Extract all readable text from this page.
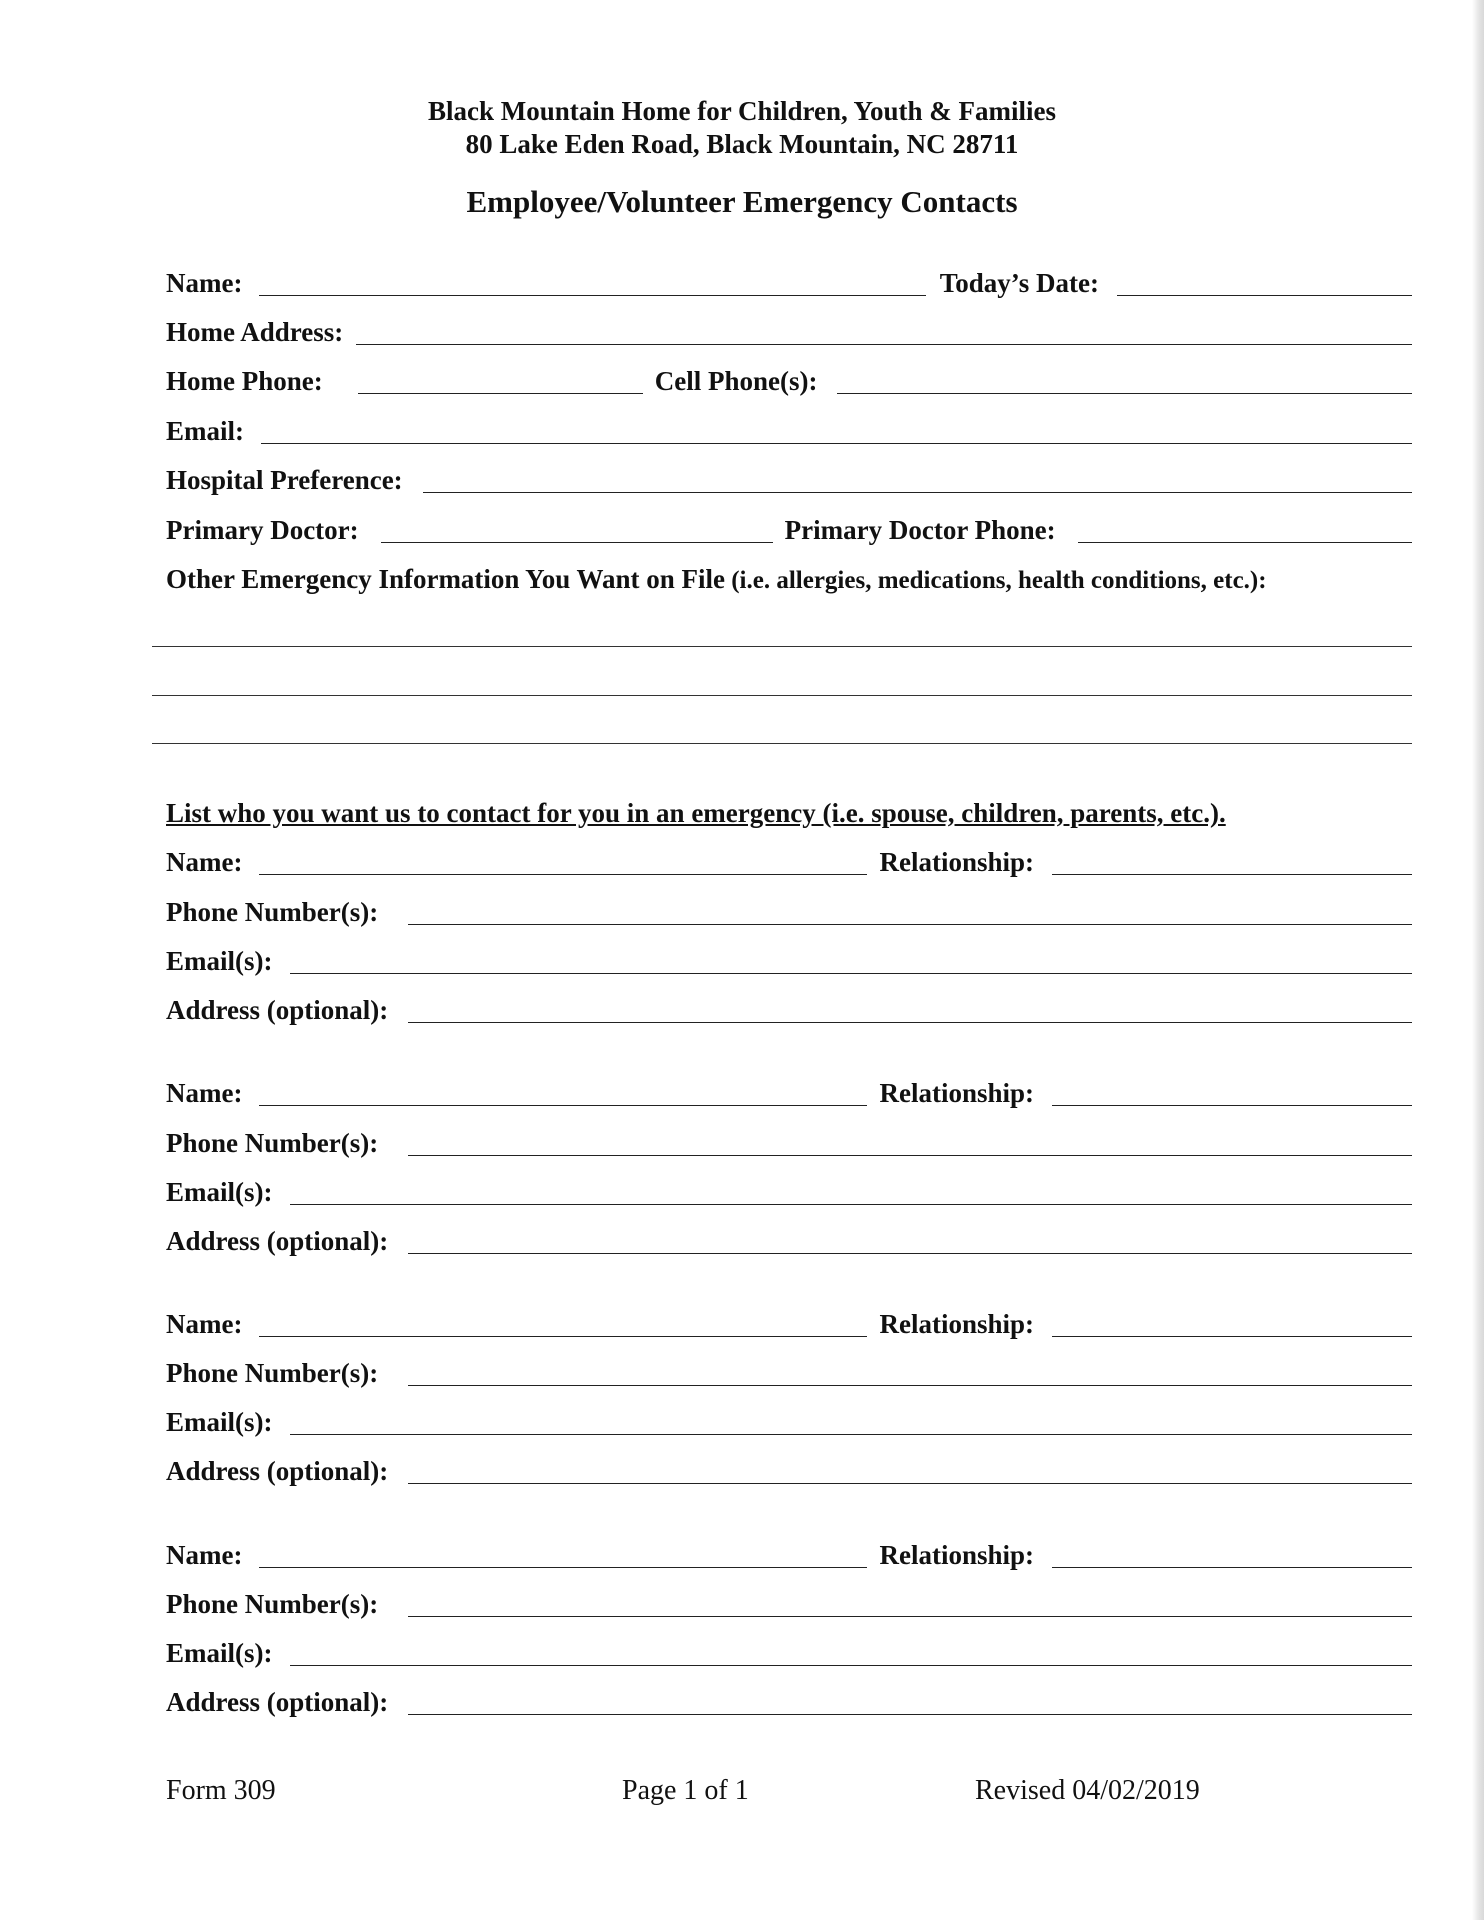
Black Mountain Home for Children, Youth & Families
80 Lake Eden Road, Black Mountain, NC 28711
Employee/Volunteer Emergency Contacts
Name:	Today’s Date:
Home Address:
Home Phone:	Cell Phone(s):
Email:
Hospital Preference:
Primary Doctor:	Primary Doctor Phone:
Other Emergency Information You Want on File (i.e. allergies, medications, health conditions, etc.):
List who you want us to contact for you in an emergency (i.e. spouse, children, parents, etc.).
Name:	Relationship:
Phone Number(s):
Email(s):
Address (optional):
Name:	Relationship:
Phone Number(s):
Email(s):
Address (optional):
Name:	Relationship:
Phone Number(s):
Email(s):
Address (optional):
Name:	Relationship:
Phone Number(s):
Email(s):
Address (optional):
Form 309	Page 1 of 1	Revised 04/02/2019
